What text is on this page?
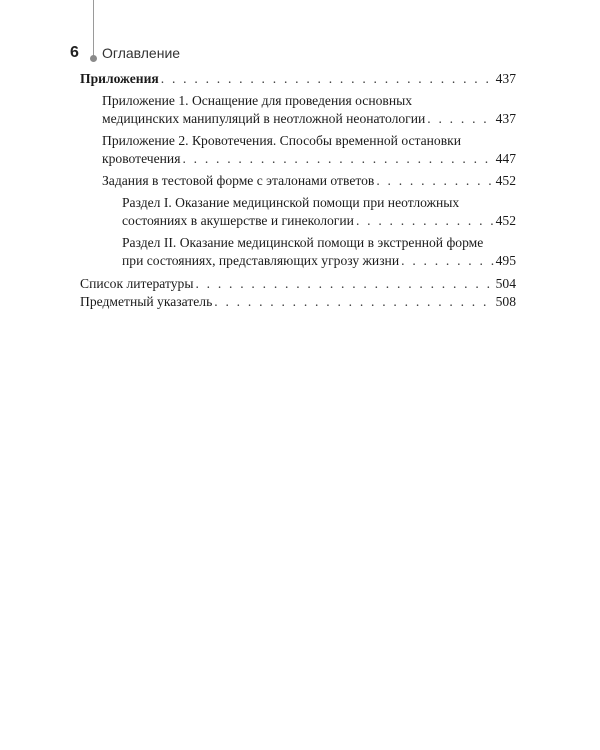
6 Оглавление
Приложения . . .	437
Приложение 1. Оснащение для проведения основных
медицинских манипуляций в неотложной неонатологии . . .	437
Приложение 2. Кровотечения. Способы временной остановки
кровотечения . . .	447
Задания в тестовой форме с эталонами ответов . . .	452
Раздел I. Оказание медицинской помощи при неотложных
состояниях в акушерстве и гинекологии . . .	452
Раздел II. Оказание медицинской помощи в экстренной форме
при состояниях, представляющих угрозу жизни . . .	495
Список литературы . . .	504
Предметный указатель . . .	508
